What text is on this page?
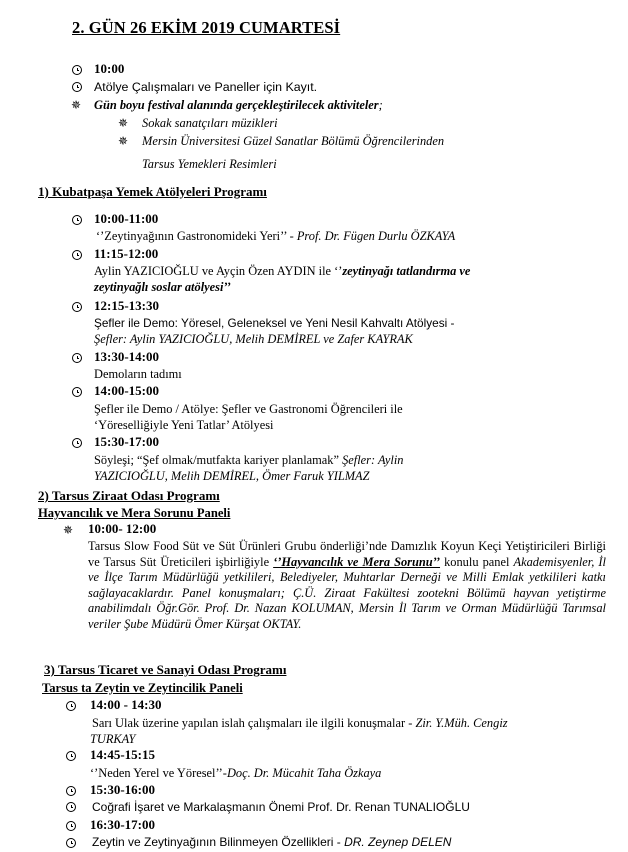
2. GÜN 26 EKİM 2019 CUMARTESİ
10:00
Atölye Çalışmaları ve Paneller için Kayıt.
✵ Gün boyu festival alanında gerçekleştirilecek aktiviteler;
✵ Sokak sanatçıları müzikleri
✵ Mersin Üniversitesi Güzel Sanatlar Bölümü Öğrencilerinden
Tarsus Yemekleri Resimleri
1) Kubatpaşa Yemek Atölyeleri Programı
10:00-11:00
‘’Zeytinyağının Gastronomideki Yeri’’ - Prof. Dr. Fügen Durlu ÖZKAYA
11:15-12:00
Aylin YAZICIOĞLU ve Ayçin Özen AYDIN ile ‘’zeytinyağı tatlandırma ve
zeytinyağlı soslar atölyesi’’
12:15-13:30
Şefler ile Demo: Yöresel, Geleneksel ve Yeni Nesil Kahvaltı Atölyesi -
Şefler: Aylin YAZICIOĞLU, Melih DEMİREL ve Zafer KAYRAK
13:30-14:00
Demoların tadımı
14:00-15:00
Şefler ile Demo / Atölye: Şefler ve Gastronomi Öğrencileri ile
‘Yöreselliğiyle Yeni Tatlar’ Atölyesi
15:30-17:00
Söyleşi; “Şef olmak/mutfakta kariyer planlamak” Şefler: Aylin
YAZICIOĞLU, Melih DEMİREL, Ömer Faruk YILMAZ
2) Tarsus Ziraat Odası Programı
Hayvancılık ve Mera Sorunu Paneli
✵ 10:00- 12:00
Tarsus Slow Food Süt ve Süt Ürünleri Grubu önderliği’nde Damızlık Koyun Keçi Yetiştiricileri Birliği ve Tarsus Süt Üreticileri işbirliğiyle ‘’Hayvancılık ve Mera Sorunu’’ konulu panel Akademisyenler, İl ve İlçe Tarım Müdürlüğü yetkilileri, Belediyeler, Muhtarlar Derneği ve Milli Emlak yetkilileri katkı sağlayacaklardır. Panel konuşmaları; Ç.Ü. Ziraat Fakültesi zootekni Bölümü hayvan yetiştirme anabilimdalı Öğr.Gör. Prof. Dr. Nazan KOLUMAN, Mersin İl Tarım ve Orman Müdürlüğü Tarımsal veriler Şube Müdürü Ömer Kürşat OKTAY.
3) Tarsus Ticaret ve Sanayi Odası Programı
Tarsus ta Zeytin ve Zeytincilik Paneli
14:00 - 14:30
Sarı Ulak üzerine yapılan islah çalışmaları ile ilgili konuşmalar - Zir. Y.Müh. Cengiz
TURKAY
14:45-15:15
‘’Neden Yerel ve Yöresel’’-Doç. Dr. Mücahit Taha Özkaya
15:30-16:00
Coğrafi İşaret ve Markalaşmanın Önemi Prof. Dr. Renan TUNALIOĞLU
16:30-17:00
Zeytin ve Zeytinyağının Bilinmeyen Özellikleri - DR. Zeynep DELEN
